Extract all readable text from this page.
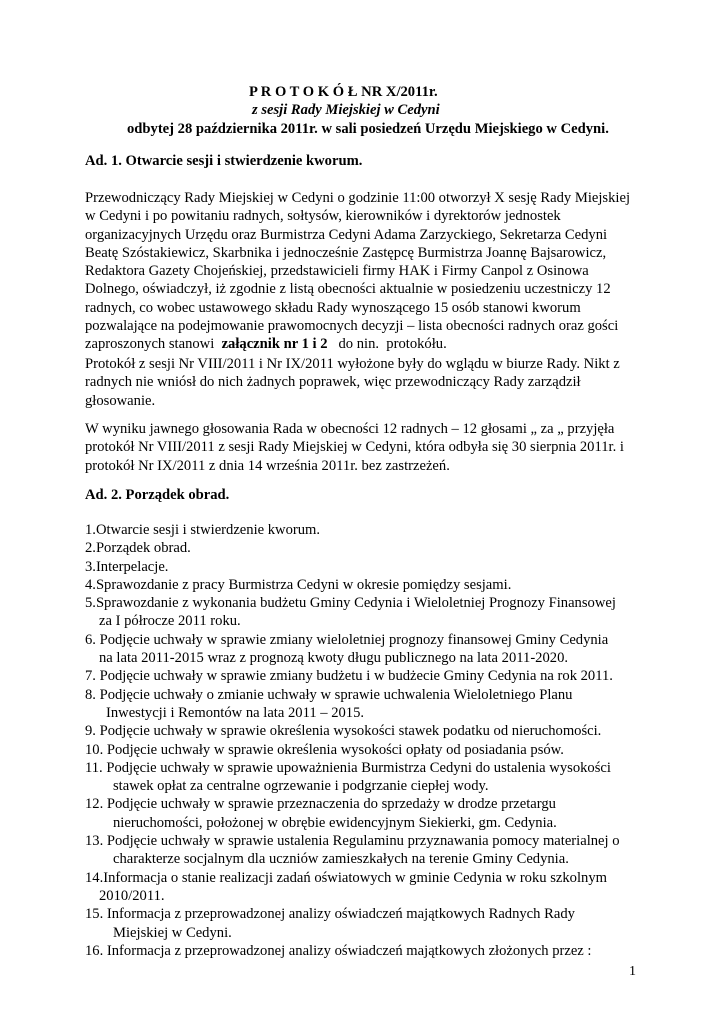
P R O T O K Ó Ł NR X/2011r.
z sesji Rady Miejskiej w Cedyni
odbytej 28 października 2011r. w sali posiedzeń Urzędu Miejskiego w Cedyni.
Ad. 1. Otwarcie sesji i stwierdzenie kworum.
Przewodniczący Rady Miejskiej w Cedyni o godzinie 11:00 otworzył X sesję Rady Miejskiej
w Cedyni i po powitaniu radnych, sołtysów, kierowników i dyrektorów jednostek
organizacyjnych Urzędu oraz Burmistrza Cedyni Adama Zarzyckiego, Sekretarza Cedyni
Beatę Szóstakiewicz, Skarbnika i jednocześnie Zastępcę Burmistrza Joannę Bajsarowicz,
Redaktora Gazety Chojeńskiej, przedstawicieli firmy HAK i Firmy Canpol z Osinowa
Dolnego, oświadczył, iż zgodnie z listą obecności aktualnie w posiedzeniu uczestniczy 12
radnych, co wobec ustawowego składu Rady wynoszącego 15 osób stanowi kworum
pozwalające na podejmowanie prawomocnych decyzji – lista obecności radnych oraz gości
zaproszonych stanowi  załącznik nr 1 i 2   do nin.  protokółu.
Protokół z sesji Nr VIII/2011 i Nr IX/2011 wyłożone były do wglądu w biurze Rady. Nikt z
radnych nie wniósł do nich żadnych poprawek, więc przewodniczący Rady zarządził
głosowanie.
W wyniku jawnego głosowania Rada w obecności 12 radnych – 12 głosami „ za „ przyjęła
protokół Nr VIII/2011 z sesji Rady Miejskiej w Cedyni, która odbyła się 30 sierpnia 2011r. i
protokół Nr IX/2011 z dnia 14 września 2011r. bez zastrzeżeń.
Ad. 2. Porządek obrad.
1.Otwarcie sesji i stwierdzenie kworum.
2.Porządek obrad.
3.Interpelacje.
4.Sprawozdanie z pracy Burmistrza Cedyni w okresie pomiędzy sesjami.
5.Sprawozdanie z wykonania budżetu Gminy Cedynia i Wieloletniej Prognozy Finansowej
za I półrocze 2011 roku.
6. Podjęcie uchwały w sprawie zmiany wieloletniej prognozy finansowej Gminy Cedynia
na lata 2011-2015 wraz z prognozą kwoty długu publicznego na lata 2011-2020.
7. Podjęcie uchwały w sprawie zmiany budżetu i w budżecie Gminy Cedynia na rok 2011.
8. Podjęcie uchwały o zmianie uchwały w sprawie uchwalenia Wieloletniego Planu
Inwestycji i Remontów na lata 2011 – 2015.
9. Podjęcie uchwały w sprawie określenia wysokości stawek podatku od nieruchomości.
10. Podjęcie uchwały w sprawie określenia wysokości opłaty od posiadania psów.
11. Podjęcie uchwały w sprawie upoważnienia Burmistrza Cedyni do ustalenia wysokości
stawek opłat za centralne ogrzewanie i podgrzanie ciepłej wody.
12. Podjęcie uchwały w sprawie przeznaczenia do sprzedaży w drodze przetargu
nieruchomości, położonej w obrębie ewidencyjnym Siekierki, gm. Cedynia.
13. Podjęcie uchwały w sprawie ustalenia Regulaminu przyznawania pomocy materialnej o
charakterze socjalnym dla uczniów zamieszkałych na terenie Gminy Cedynia.
14.Informacja o stanie realizacji zadań oświatowych w gminie Cedynia w roku szkolnym
2010/2011.
15. Informacja z przeprowadzonej analizy oświadczeń majątkowych Radnych Rady
Miejskiej w Cedyni.
16. Informacja z przeprowadzonej analizy oświadczeń majątkowych złożonych przez :
1
